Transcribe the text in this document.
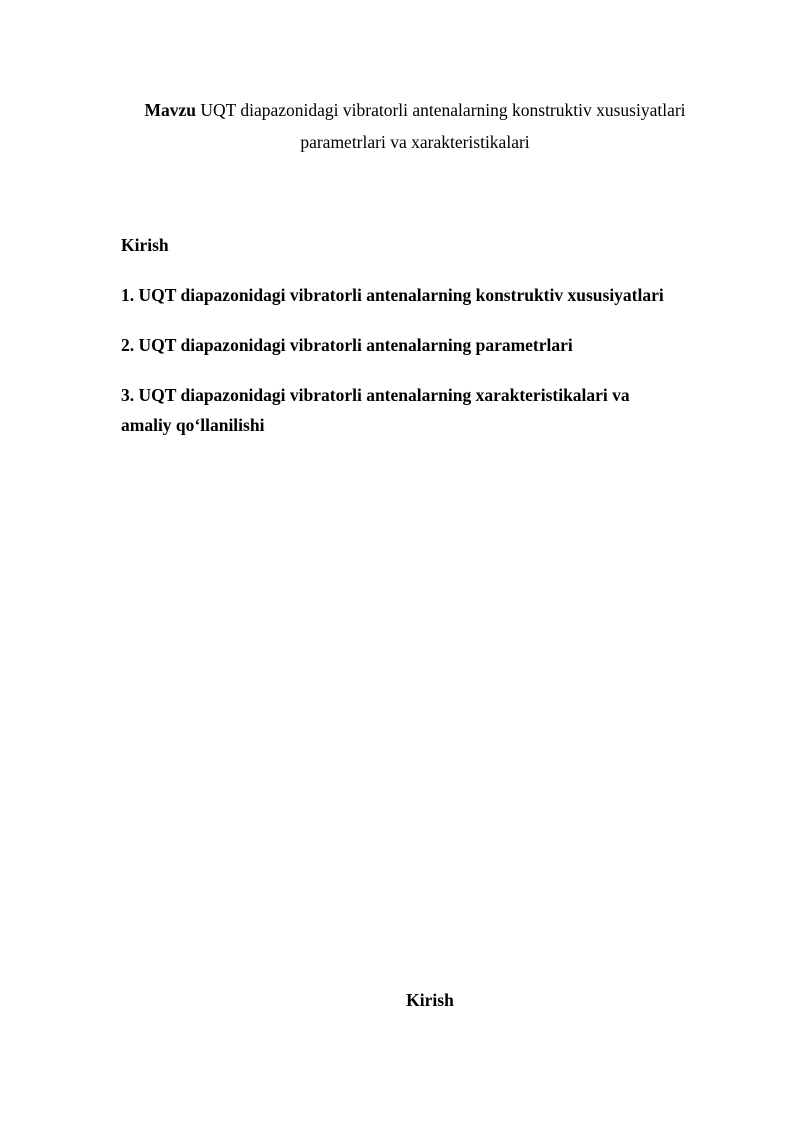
Mavzu UQT diapazonidagi vibratorli antenalarning konstruktiv xususiyatlari
parametrlari va xarakteristikalari
Kirish
1. UQT diapazonidagi vibratorli antenalarning konstruktiv xususiyatlari
2. UQT diapazonidagi vibratorli antenalarning parametrlari
3. UQT diapazonidagi vibratorli antenalarning xarakteristikalari va
amaliy qo‘llanilishi
Kirish
